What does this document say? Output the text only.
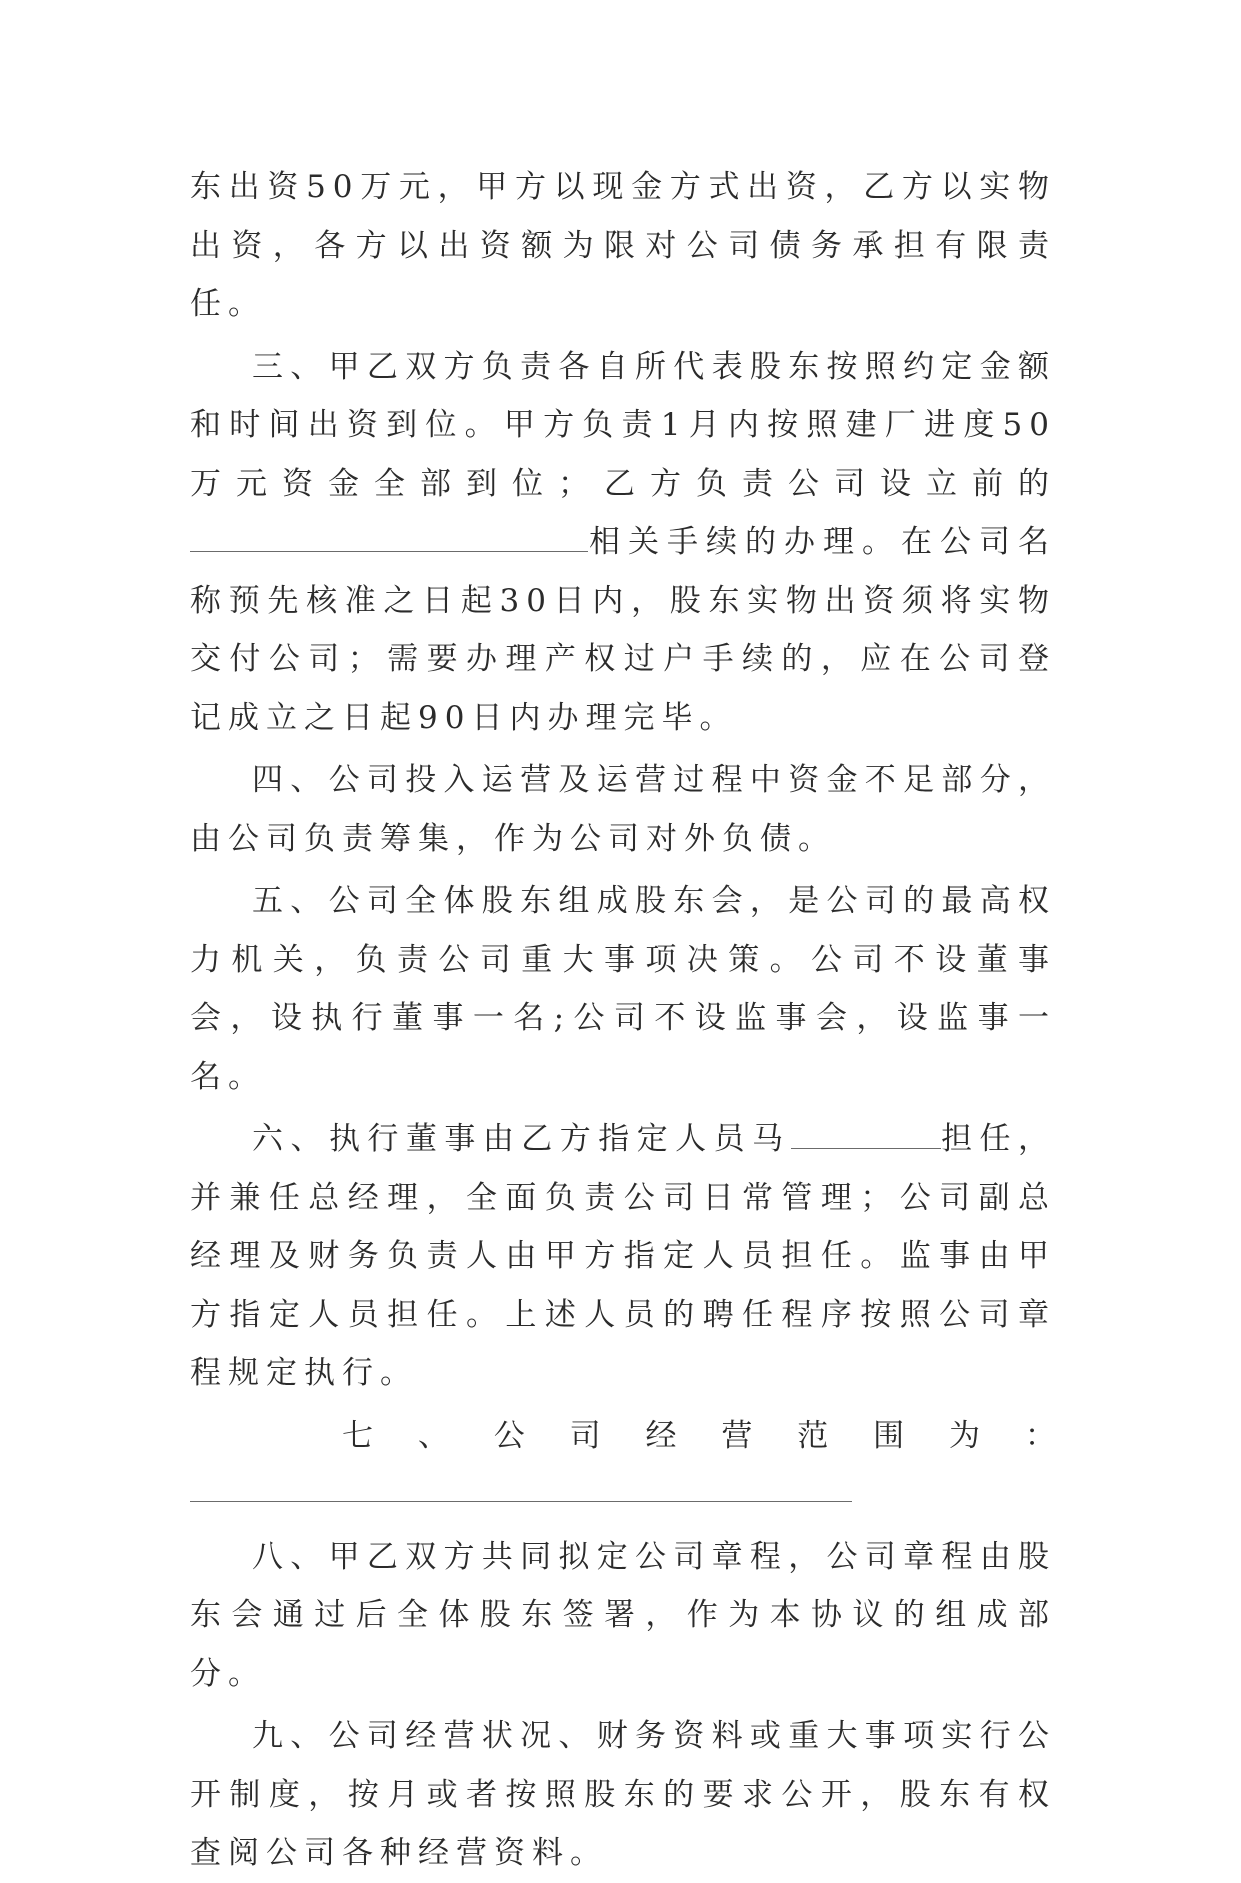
东出资50万元，甲方以现金方式出资，乙方以实物出资，各方以出资额为限对公司债务承担有限责任。

三、甲乙双方负责各自所代表股东按照约定金额和时间出资到位。甲方负责1月内按照建厂进度50万元资金全部到位；乙方负责公司设立前的相关手续的办理。在公司名称预先核准之日起30日内，股东实物出资须将实物交付公司；需要办理产权过户手续的，应在公司登记成立之日起90日内办理完毕。

四、公司投入运营及运营过程中资金不足部分，由公司负责筹集，作为公司对外负债。

五、公司全体股东组成股东会，是公司的最高权力机关，负责公司重大事项决策。公司不设董事会，设执行董事一名;公司不设监事会，设监事一名。

六、执行董事由乙方指定人员马	担任，并兼任总经理，全面负责公司日常管理；公司副总经理及财务负责人由甲方指定人员担任。监事由甲方指定人员担任。上述人员的聘任程序按照公司章程规定执行。

七 、 公 司 经 营 范 围 为 ：

八、甲乙双方共同拟定公司章程，公司章程由股东会通过后全体股东签署，作为本协议的组成部分。

九、公司经营状况、财务资料或重大事项实行公开制度，按月或者按照股东的要求公开，股东有权查阅公司各种经营资料。
